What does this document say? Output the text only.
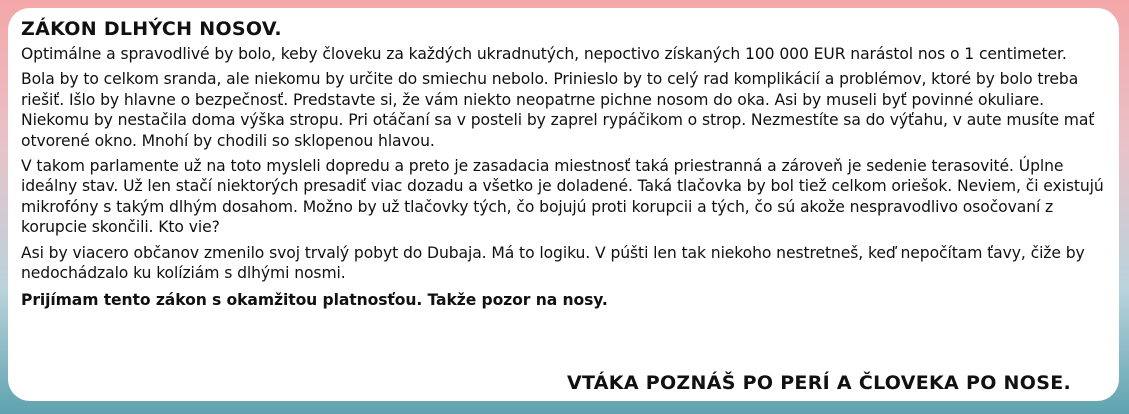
ZÁKON DLHÝCH NOSOV.

Optimálne a spravodlivé by bolo, keby človeku za každých ukradnutých, nepoctivo získaných 100 000 EUR narástol nos o 1 centimeter.

Bola by to celkom sranda, ale niekomu by určite do smiechu nebolo. Prinieslo by to celý rad komplikácií a problémov, ktoré by bolo treba riešiť. Išlo by hlavne o bezpečnosť. Predstavte si, že vám niekto neopatrne pichne nosom do oka. Asi by museli byť povinné okuliare. Niekomu by nestačila doma výška stropu. Pri otáčaní sa v posteli by zaprel rypáčikom o strop. Nezmestíte sa do výťahu, v aute musíte mať otvorené okno. Mnohí by chodili so sklopenou hlavou.

V takom parlamente už na toto mysleli dopredu a preto je zasadacia miestnosť taká priestranná a zároveň je sedenie terasovité. Úplne ideálny stav. Už len stačí niektorých presadiť viac dozadu a všetko je doladené. Taká tlačovka by bol tiež celkom oriešok. Neviem, či existujú mikrofóny s takým dlhým dosahom. Možno by už tlačovky tých, čo bojujú proti korupcii a tých, čo sú akože nespravodlivo osočovaní z korupcie skončili. Kto vie?

Asi by viacero občanov zmenilo svoj trvalý pobyt do Dubaja. Má to logiku. V púšti len tak niekoho nestretneš, keď nepočítam ťavy, čiže by nedochádzalo ku kolíziám s dlhými nosmi.

Prijímam tento zákon s okamžitou platnosťou. Takže pozor na nosy.

VTÁKA POZNÁŠ PO PERÍ A ČLOVEKA PO NOSE.
